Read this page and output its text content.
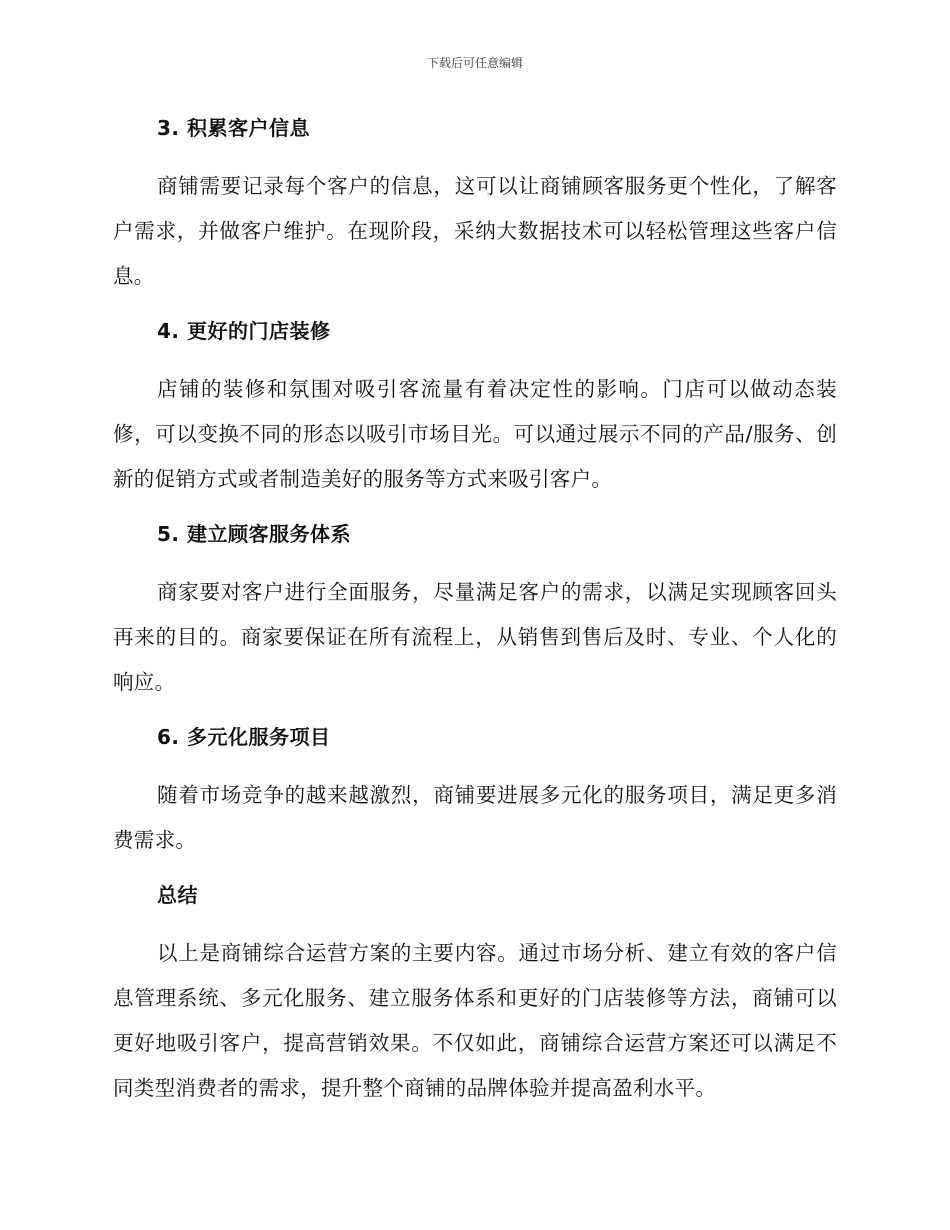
下载后可任意编辑
3. 积累客户信息

商铺需要记录每个客户的信息，这可以让商铺顾客服务更个性化，了解客户需求，并做客户维护。在现阶段，采纳大数据技术可以轻松管理这些客户信息。

4. 更好的门店装修

店铺的装修和氛围对吸引客流量有着决定性的影响。门店可以做动态装修，可以变换不同的形态以吸引市场目光。可以通过展示不同的产品/服务、创新的促销方式或者制造美好的服务等方式来吸引客户。

5. 建立顾客服务体系

商家要对客户进行全面服务，尽量满足客户的需求，以满足实现顾客回头再来的目的。商家要保证在所有流程上，从销售到售后及时、专业、个人化的响应。

6. 多元化服务项目

随着市场竞争的越来越激烈，商铺要进展多元化的服务项目，满足更多消费需求。

总结

以上是商铺综合运营方案的主要内容。通过市场分析、建立有效的客户信息管理系统、多元化服务、建立服务体系和更好的门店装修等方法，商铺可以更好地吸引客户，提高营销效果。不仅如此，商铺综合运营方案还可以满足不同类型消费者的需求，提升整个商铺的品牌体验并提高盈利水平。
